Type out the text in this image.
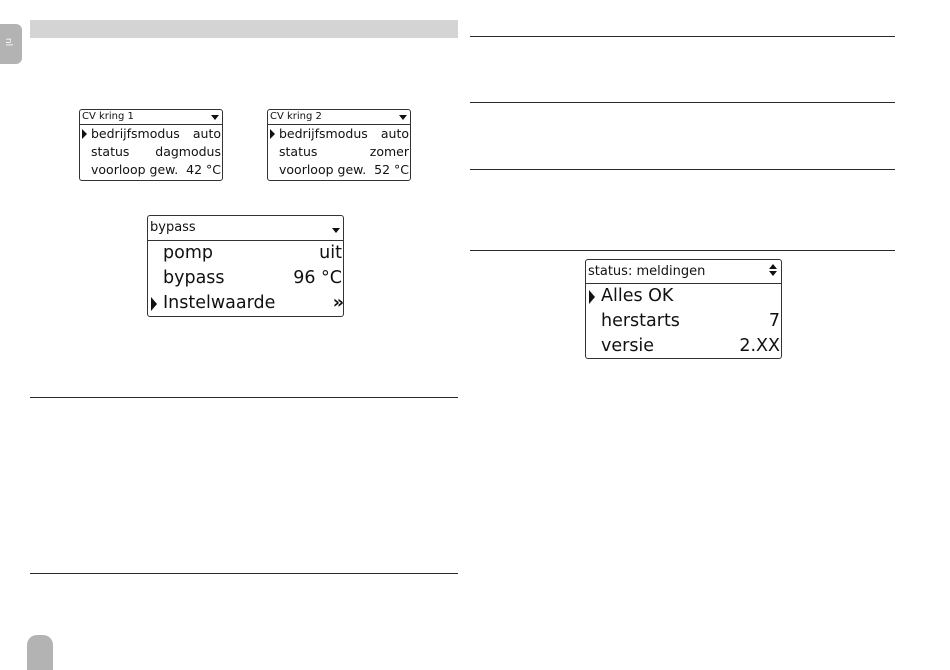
nl
CV kring 1
bedrijfsmodus auto
status dagmodus
voorloop gew. 42 °C
CV kring 2
bedrijfsmodus auto
status	zomer
voorloop gew. 52 °C
bypass
pomp	uit
bypass	96 °C
Instelwaarde	»
status: meldingen
Alles OK
herstarts	7
versie	2.XX
